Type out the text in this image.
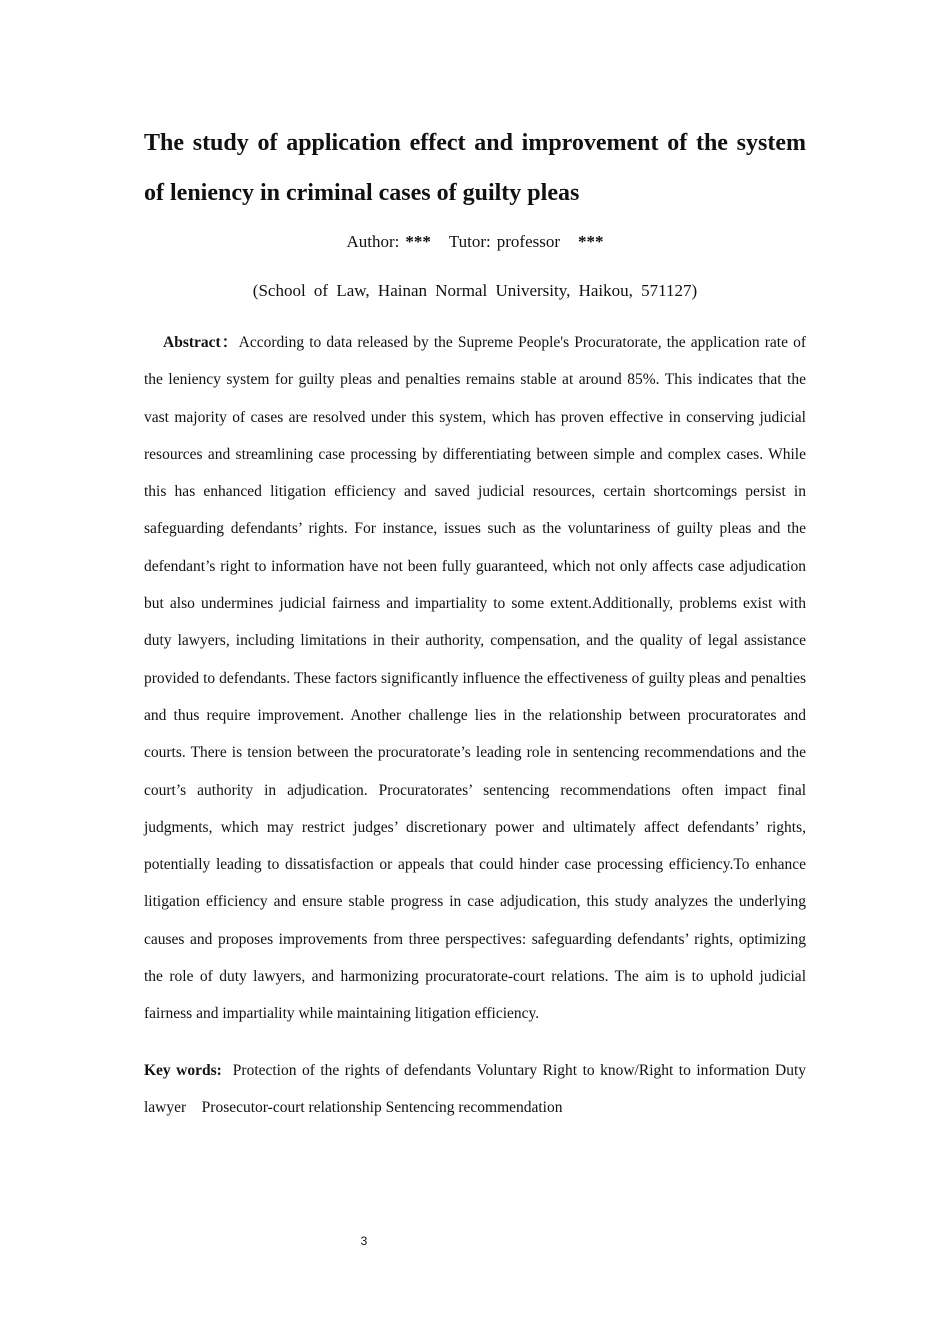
The study of application effect and improvement of the system of leniency in criminal cases of guilty pleas
Author: *** Tutor: professor ***
(School of Law, Hainan Normal University, Haikou, 571127)

Abstract：According to data released by the Supreme People's Procuratorate, the application rate of the leniency system for guilty pleas and penalties remains stable at around 85%. This indicates that the vast majority of cases are resolved under this system, which has proven effective in conserving judicial resources and streamlining case processing by differentiating between simple and complex cases. While this has enhanced litigation efficiency and saved judicial resources, certain shortcomings persist in safeguarding defendants’ rights. For instance, issues such as the voluntariness of guilty pleas and the defendant’s right to information have not been fully guaranteed, which not only affects case adjudication but also undermines judicial fairness and impartiality to some extent.Additionally, problems exist with duty lawyers, including limitations in their authority, compensation, and the quality of legal assistance provided to defendants. These factors significantly influence the effectiveness of guilty pleas and penalties and thus require improvement. Another challenge lies in the relationship between procuratorates and courts. There is tension between the procuratorate’s leading role in sentencing recommendations and the court’s authority in adjudication. Procuratorates’ sentencing recommendations often impact final judgments, which may restrict judges’ discretionary power and ultimately affect defendants’ rights, potentially leading to dissatisfaction or appeals that could hinder case processing efficiency.To enhance litigation efficiency and ensure stable progress in case adjudication, this study analyzes the underlying causes and proposes improvements from three perspectives: safeguarding defendants’ rights, optimizing the role of duty lawyers, and harmonizing procuratorate-court relations. The aim is to uphold judicial fairness and impartiality while maintaining litigation efficiency.

Key words: Protection of the rights of defendants Voluntary Right to know/Right to information Duty lawyer    Prosecutor-court relationship Sentencing recommendation

3
